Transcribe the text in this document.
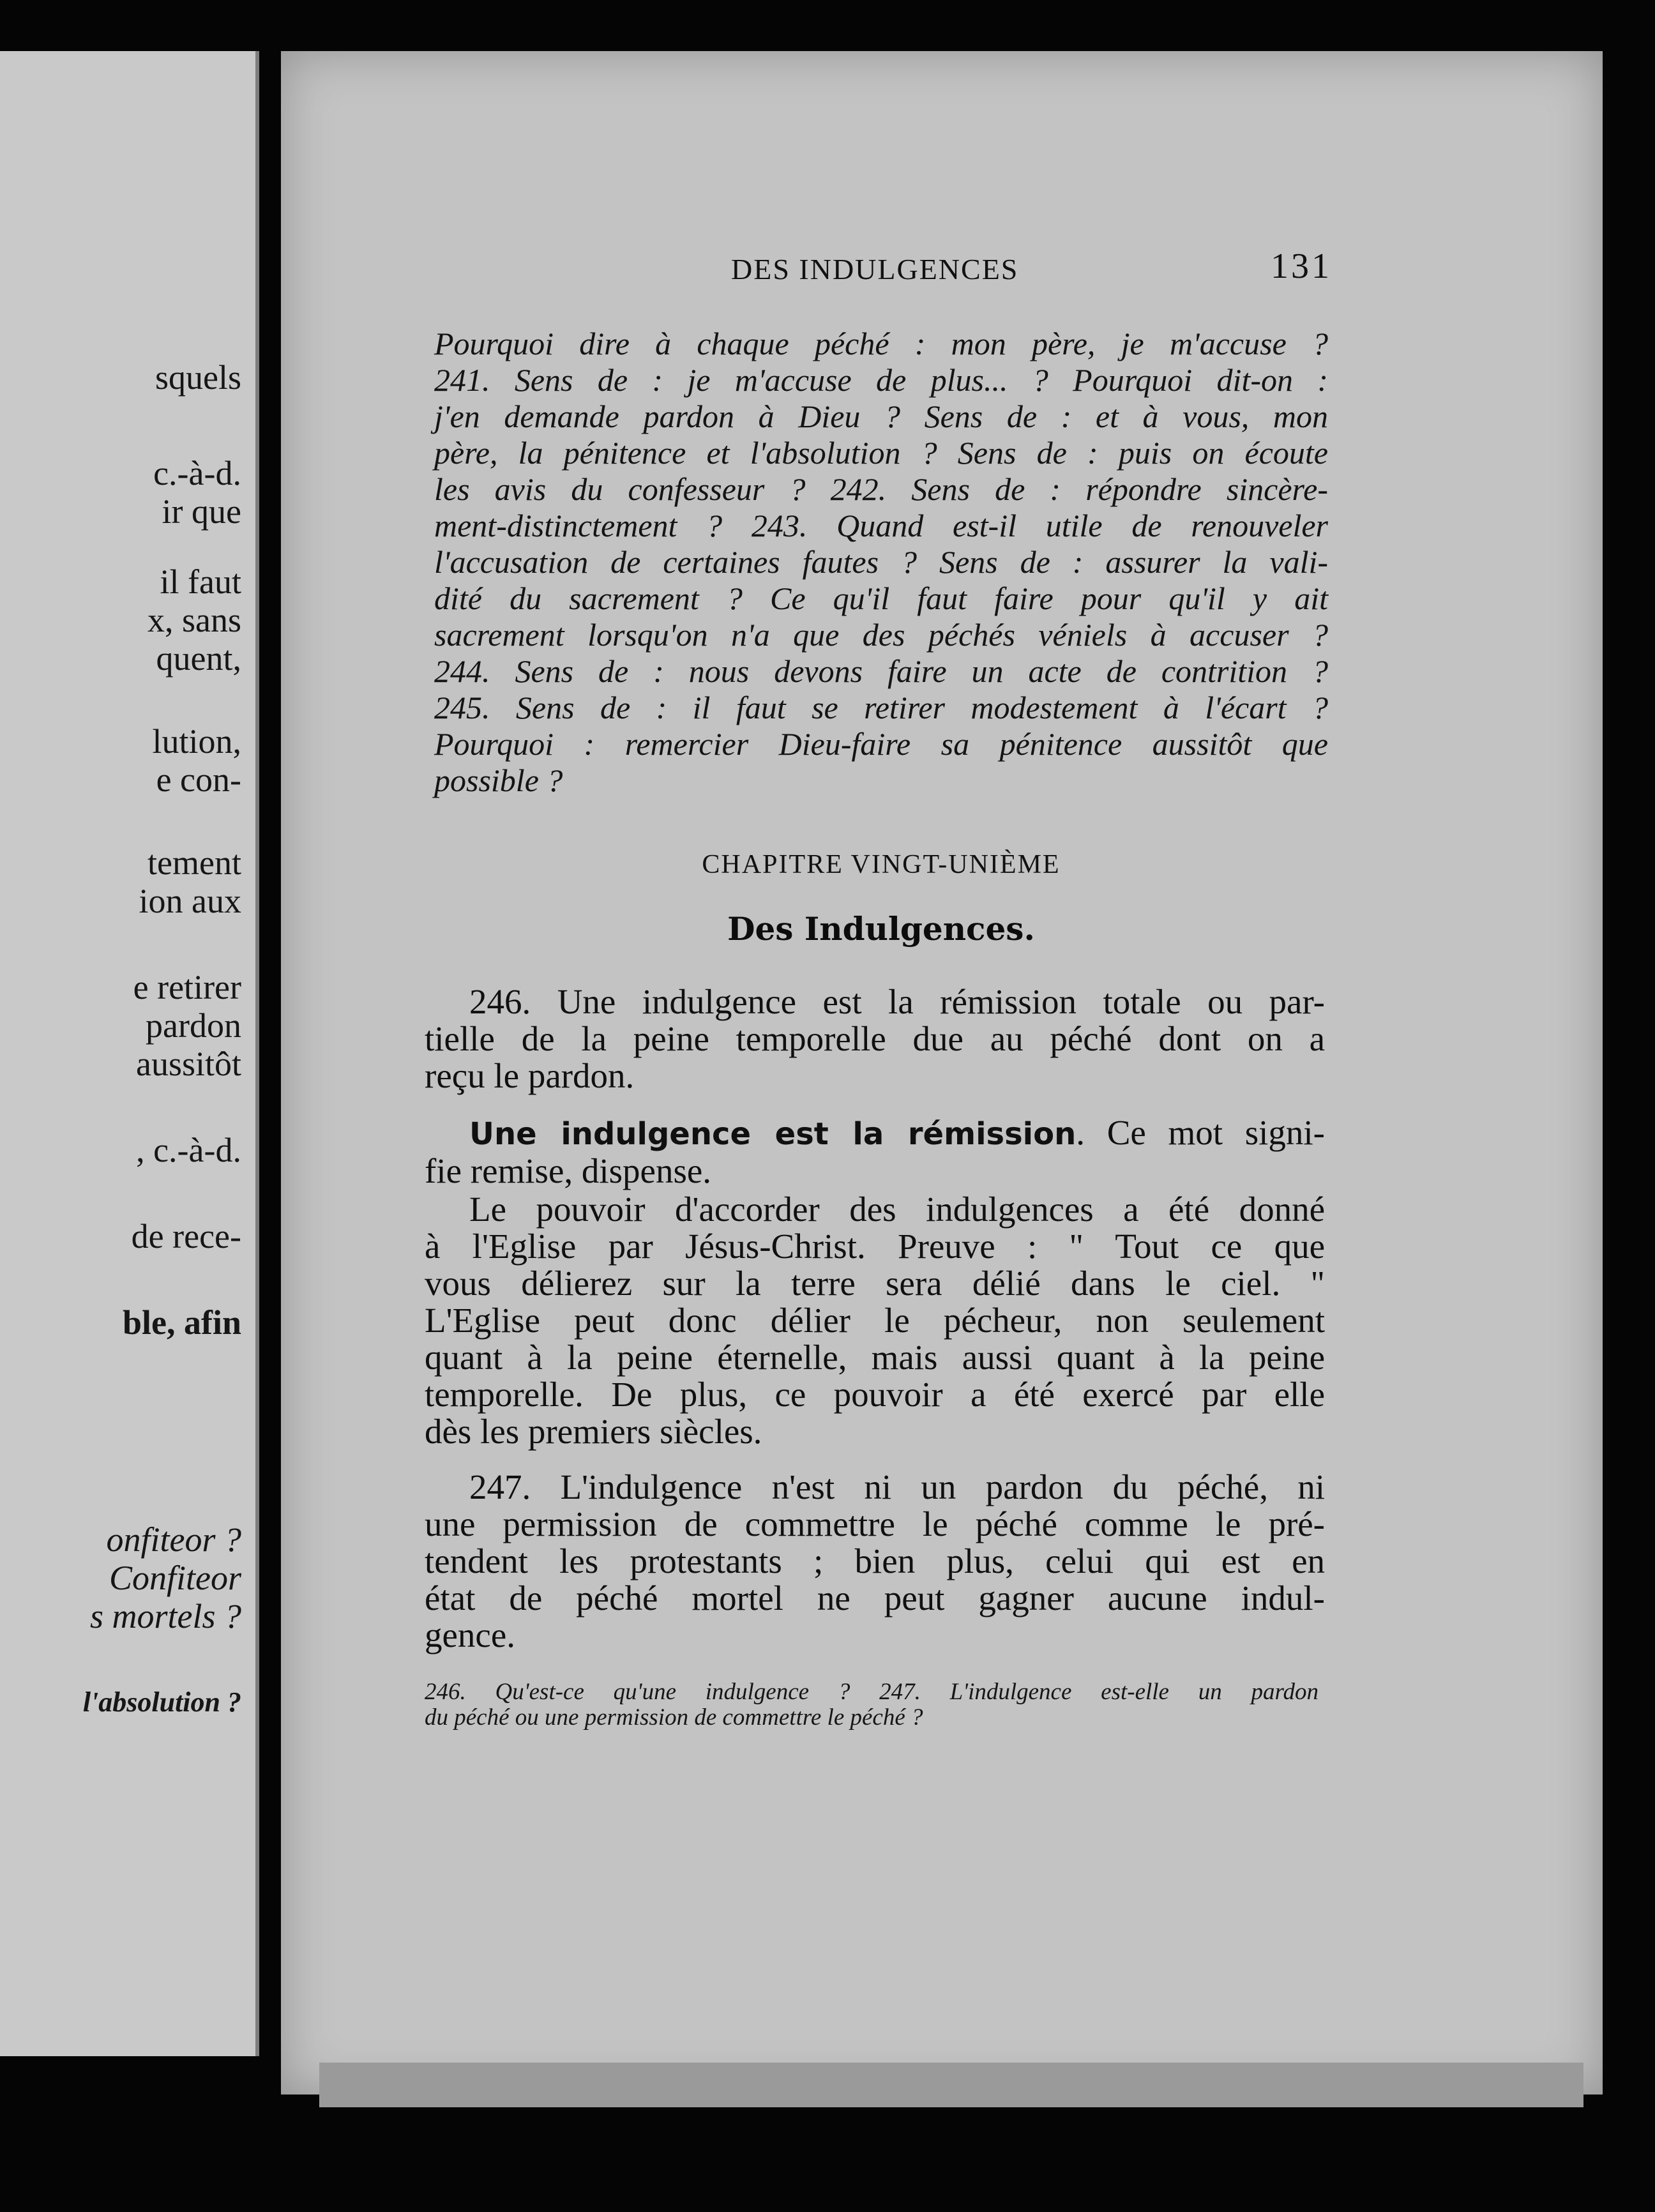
squels
c.-à-d.
ir que
il faut
x, sans
quent,
lution,
e con-
tement
ion aux
e retirer
pardon
aussitôt
, c.-à-d.
de rece-
ble, afin
onfiteor ?
Confiteor
s mortels ?
l'absolution ?
DES INDULGENCES	131
Pourquoi dire à chaque péché : mon père, je m'accuse ?
241. Sens de : je m'accuse de plus... ? Pourquoi dit-on :
j'en demande pardon à Dieu ? Sens de : et à vous, mon
père, la pénitence et l'absolution ? Sens de : puis on écoute
les avis du confesseur ? 242. Sens de : répondre sincère-
ment-distinctement ? 243. Quand est-il utile de renouveler
l'accusation de certaines fautes ? Sens de : assurer la vali-
dité du sacrement ? Ce qu'il faut faire pour qu'il y ait
sacrement lorsqu'on n'a que des péchés véniels à accuser ?
244. Sens de : nous devons faire un acte de contrition ?
245. Sens de : il faut se retirer modestement à l'écart ?
Pourquoi : remercier Dieu-faire sa pénitence aussitôt que
possible ?
CHAPITRE VINGT-UNIÈME
Des Indulgences.
246. Une indulgence est la rémission totale ou par-
tielle de la peine temporelle due au péché dont on a
reçu le pardon.
Une indulgence est la rémission. Ce mot signi-
fie remise, dispense.
Le pouvoir d'accorder des indulgences a été donné
à l'Eglise par Jésus-Christ. Preuve : " Tout ce que
vous délierez sur la terre sera délié dans le ciel. "
L'Eglise peut donc délier le pécheur, non seulement
quant à la peine éternelle, mais aussi quant à la peine
temporelle. De plus, ce pouvoir a été exercé par elle
dès les premiers siècles.
247. L'indulgence n'est ni un pardon du péché, ni
une permission de commettre le péché comme le pré-
tendent les protestants ; bien plus, celui qui est en
état de péché mortel ne peut gagner aucune indul-
gence.
246. Qu'est-ce qu'une indulgence ? 247. L'indulgence est-elle un pardon
du péché ou une permission de commettre le péché ?
